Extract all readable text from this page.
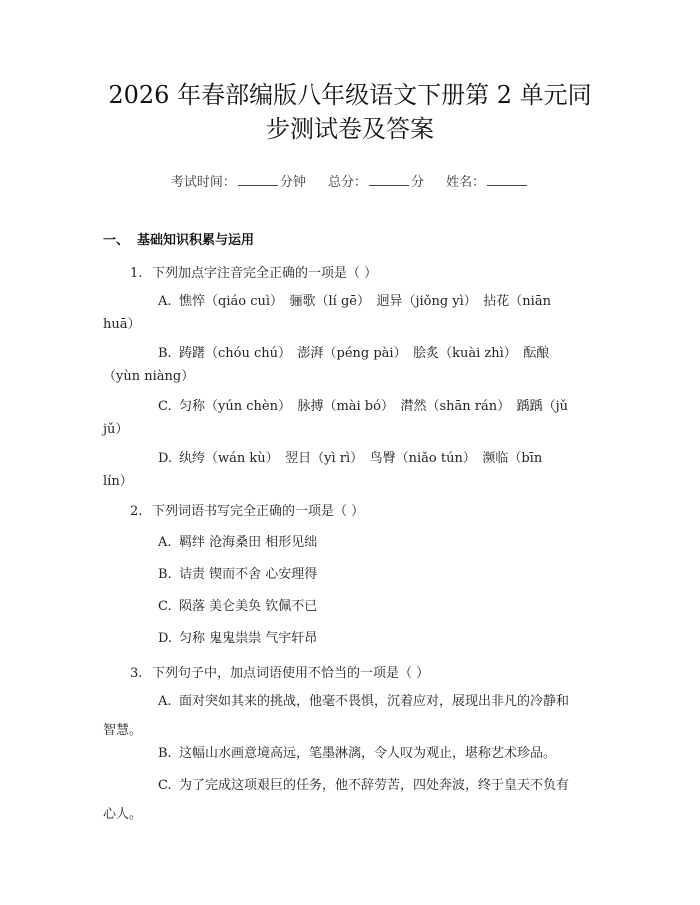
2026 年春部编版八年级语文下册第 2 单元同
步测试卷及答案
考试时间：	分钟 总分：	分 姓名：
一、 基础知识积累与运用
1. 下列加点字注音完全正确的一项是（ ）
A. 憔悴（qiáo cuì）　骊歌（lí gē）　迥异（jiǒng yì）　拈花（niān
huā）
B. 踌躇（chóu chú）　澎湃（péng pài）　脍炙（kuài zhì）　酝酿
（yùn niàng）
C. 匀称（yún chèn）　脉搏（mài bó）　潸然（shān rán）　踽踽（jǔ
jǔ）
D. 纨绔（wán kù）　翌日（yì rì）　鸟臀（niǎo tún）　濒临（bīn
lín）
2. 下列词语书写完全正确的一项是（ ）
A. 羁绊 沧海桑田 相形见绌
B. 诘责 锲而不舍 心安理得
C. 陨落 美仑美奂 钦佩不已
D. 匀称 鬼鬼祟祟 气宇轩昂
3. 下列句子中，加点词语使用不恰当的一项是（ ）
A. 面对突如其来的挑战，他毫不畏惧，沉着应对，展现出非凡的冷静和
智慧。
B. 这幅山水画意境高远，笔墨淋漓，令人叹为观止，堪称艺术珍品。
C. 为了完成这项艰巨的任务，他不辞劳苦，四处奔波，终于皇天不负有
心人。
